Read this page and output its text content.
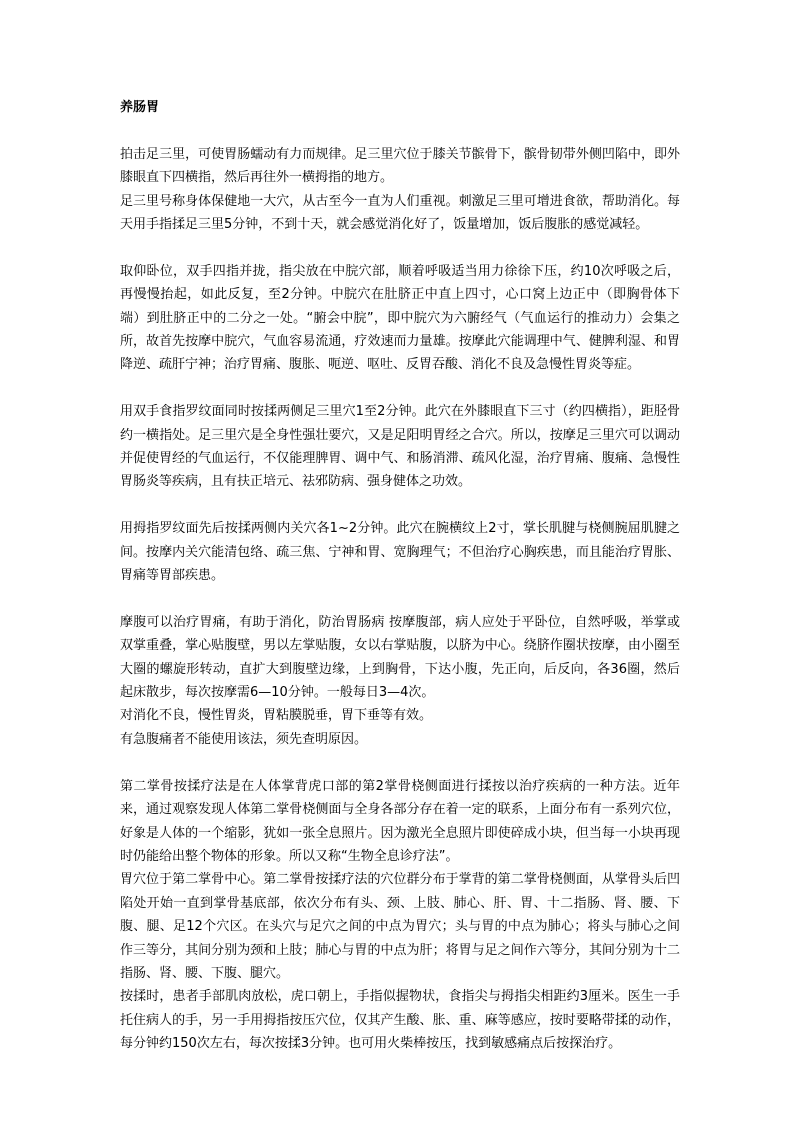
养肠胃

拍击足三里，可使胃肠蠕动有力而规律。足三里穴位于膝关节髌骨下，髌骨韧带外侧凹陷中，即外膝眼直下四横指，然后再往外一横拇指的地方。

足三里号称身体保健地一大穴，从古至今一直为人们重视。刺激足三里可增进食欲，帮助消化。每天用手指揉足三里5分钟，不到十天，就会感觉消化好了，饭量增加，饭后腹胀的感觉减轻。

取仰卧位，双手四指并拢，指尖放在中脘穴部，顺着呼吸适当用力徐徐下压，约10次呼吸之后，再慢慢抬起，如此反复，至2分钟。中脘穴在肚脐正中直上四寸，心口窝上边正中（即胸骨体下端）到肚脐正中的二分之一处。“腑会中脘”，即中脘穴为六腑经气（气血运行的推动力）会集之所，故首先按摩中脘穴，气血容易流通，疗效速而力量雄。按摩此穴能调理中气、健脾利湿、和胃降逆、疏肝宁神；治疗胃痛、腹胀、呃逆、呕吐、反胃吞酸、消化不良及急慢性胃炎等症。

用双手食指罗纹面同时按揉两侧足三里穴1至2分钟。此穴在外膝眼直下三寸（约四横指），距胫骨约一横指处。足三里穴是全身性强壮要穴，又是足阳明胃经之合穴。所以，按摩足三里穴可以调动并促使胃经的气血运行，不仅能理脾胃、调中气、和肠消滞、疏风化湿，治疗胃痛、腹痛、急慢性胃肠炎等疾病，且有扶正培元、祛邪防病、强身健体之功效。

用拇指罗纹面先后按揉两侧内关穴各1~2分钟。此穴在腕横纹上2寸，掌长肌腱与桡侧腕屈肌腱之间。按摩内关穴能清包络、疏三焦、宁神和胃、宽胸理气；不但治疗心胸疾患，而且能治疗胃胀、胃痛等胃部疾患。

摩腹可以治疗胃痛，有助于消化，防治胃肠病 按摩腹部，病人应处于平卧位，自然呼吸，举掌或双掌重叠，掌心贴腹壁，男以左掌贴腹，女以右掌贴腹，以脐为中心。绕脐作圈状按摩，由小圈至大圈的螺旋形转动，直扩大到腹壁边缘，上到胸骨，下达小腹，先正向，后反向，各36圈，然后起床散步，每次按摩需6—10分钟。一般每日3—4次。

对消化不良，慢性胃炎，胃粘膜脱垂，胃下垂等有效。

有急腹痛者不能使用该法，须先查明原因。

第二掌骨按揉疗法是在人体掌背虎口部的第2掌骨桡侧面进行揉按以治疗疾病的一种方法。近年来，通过观察发现人体第二掌骨桡侧面与全身各部分存在着一定的联系，上面分布有一系列穴位，好象是人体的一个缩影，犹如一张全息照片。因为激光全息照片即使碎成小块，但当每一小块再现时仍能给出整个物体的形象。所以又称“生物全息诊疗法”。

胃穴位于第二掌骨中心。第二掌骨按揉疗法的穴位群分布于掌背的第二掌骨桡侧面，从掌骨头后凹陷处开始一直到掌骨基底部，依次分布有头、颈、上肢、肺心、肝、胃、十二指肠、肾、腰、下腹、腿、足12个穴区。在头穴与足穴之间的中点为胃穴；头与胃的中点为肺心；将头与肺心之间作三等分，其间分别为颈和上肢；肺心与胃的中点为肝；将胃与足之间作六等分，其间分别为十二指肠、肾、腰、下腹、腿穴。

按揉时，患者手部肌肉放松，虎口朝上，手指似握物状，食指尖与拇指尖相距约3厘米。医生一手托住病人的手，另一手用拇指按压穴位，仅其产生酸、胀、重、麻等感应，按时要略带揉的动作，每分钟约150次左右，每次按揉3分钟。也可用火柴棒按压，找到敏感痛点后按探治疗。
